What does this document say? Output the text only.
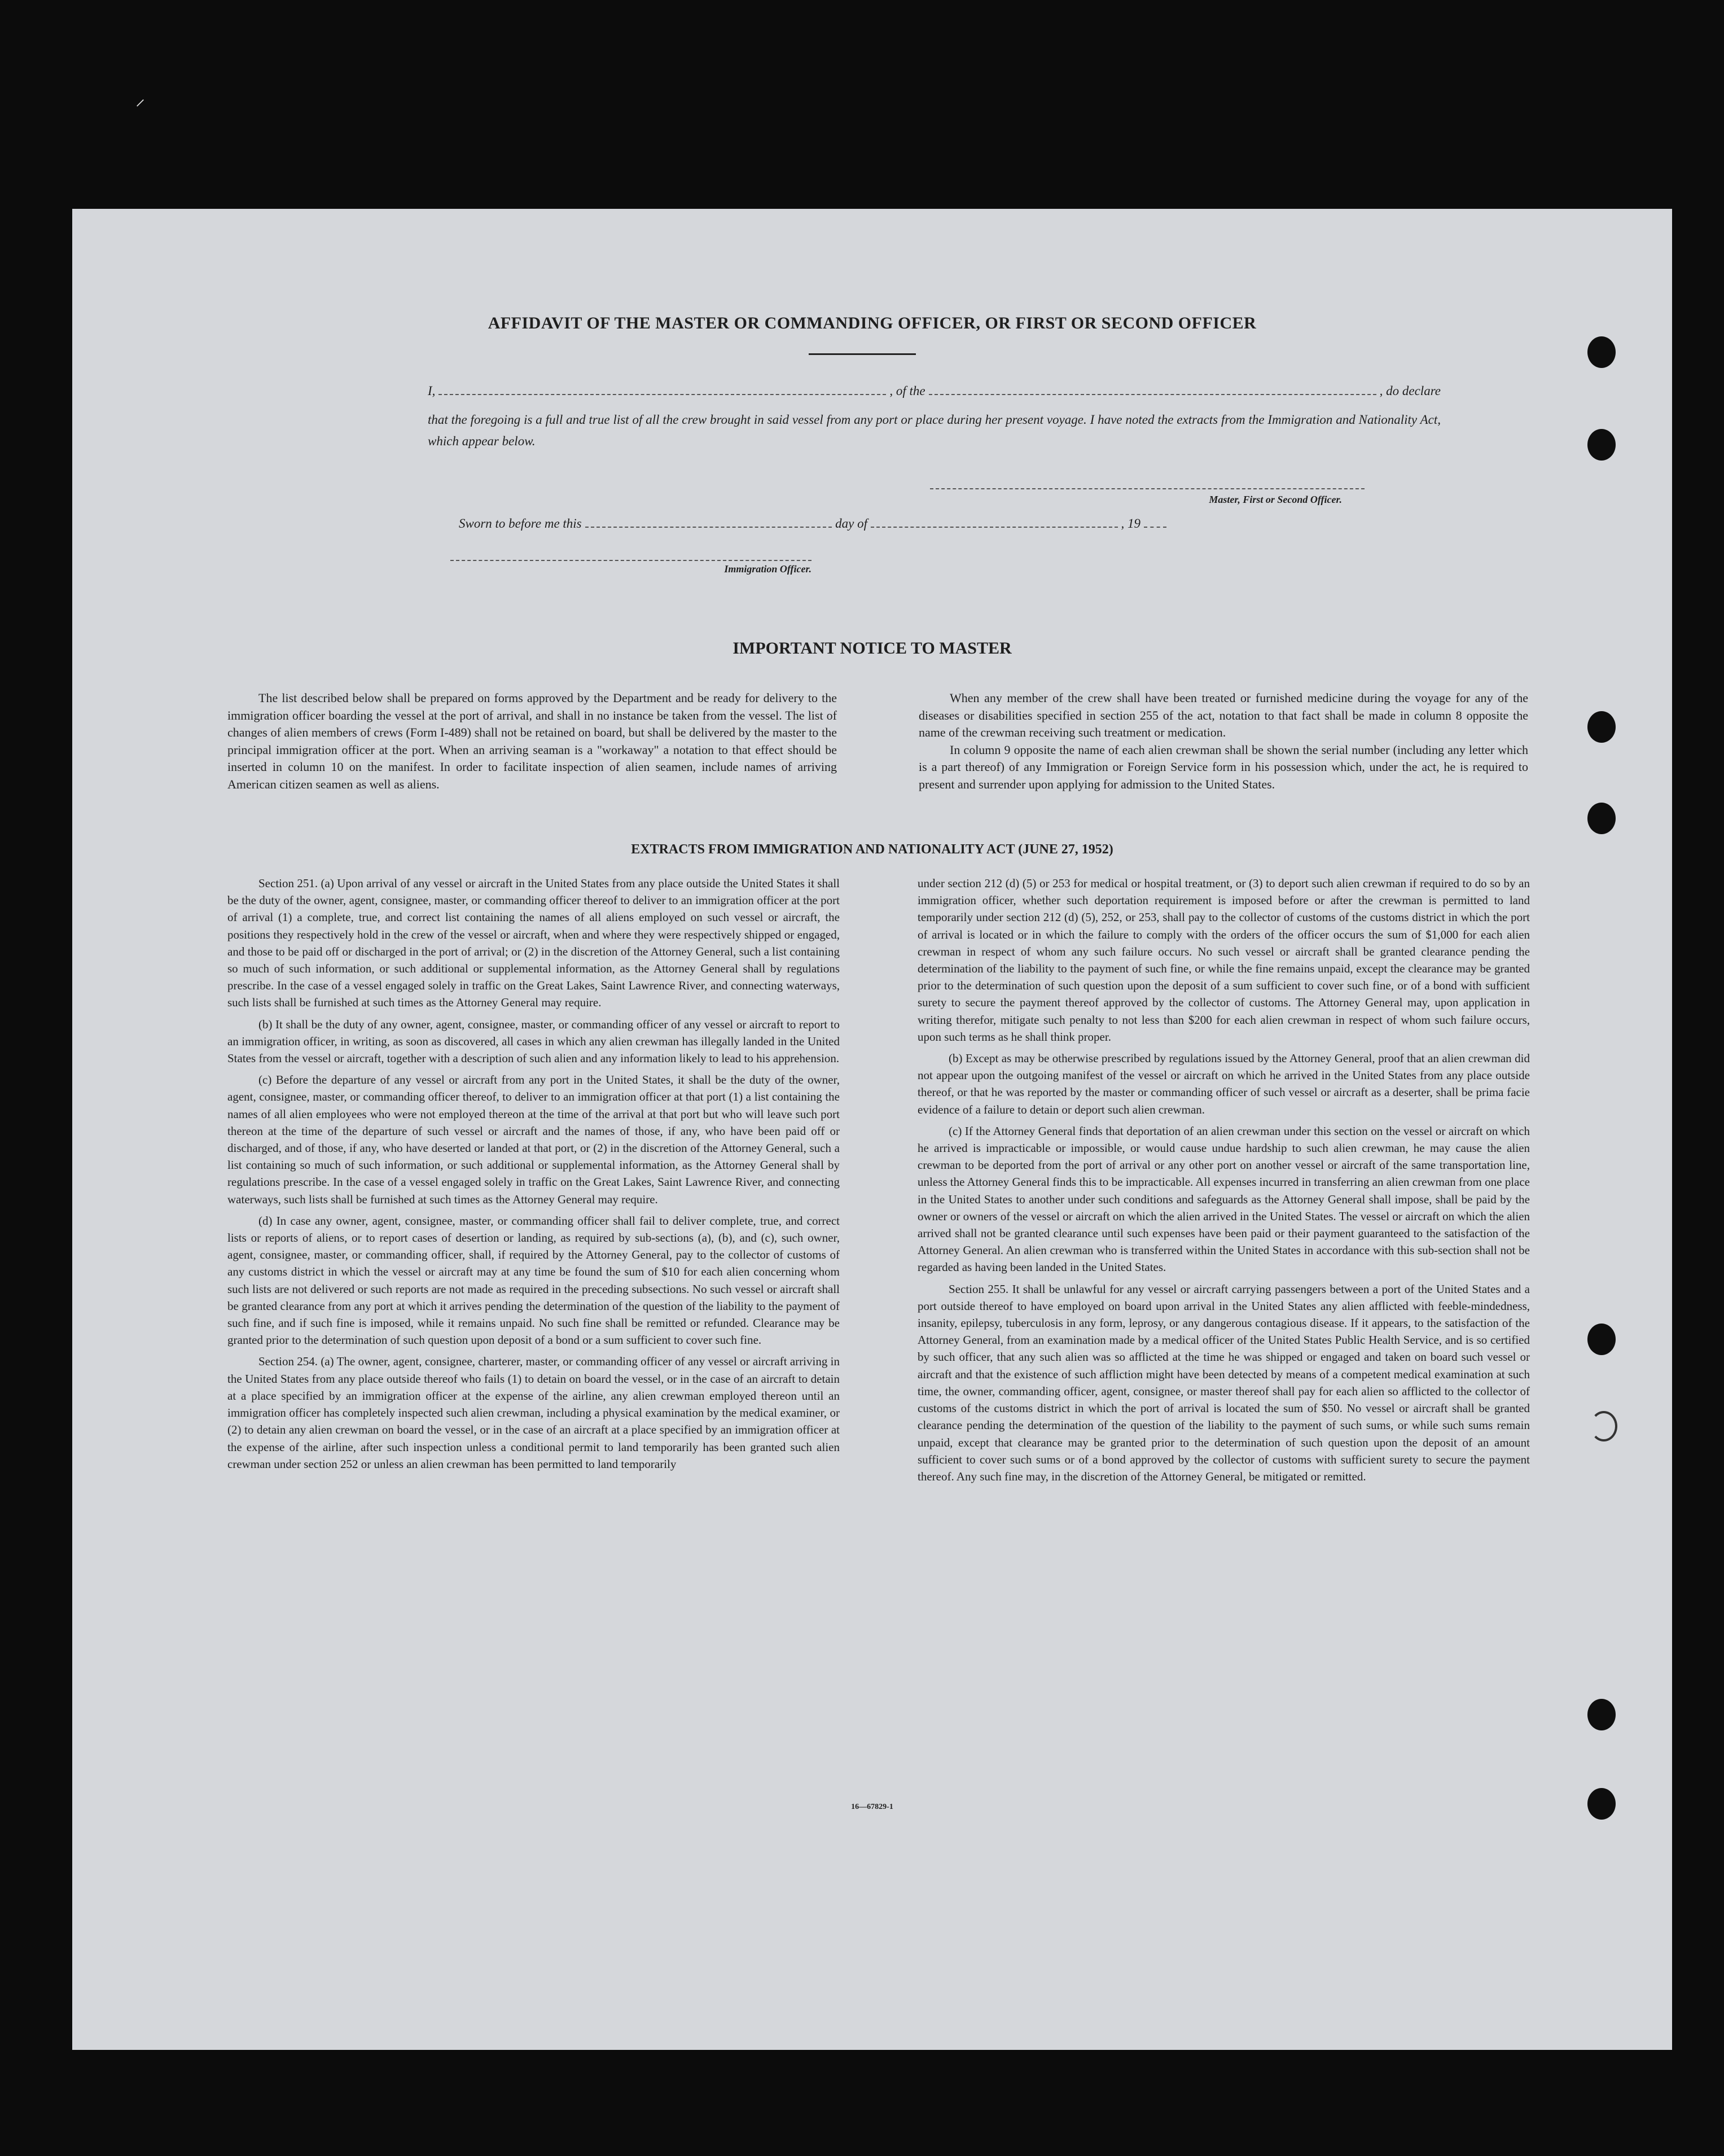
⸝
AFFIDAVIT OF THE MASTER OR COMMANDING OFFICER, OR FIRST OR SECOND OFFICER
I,	, of the	, do declare
that the foregoing is a full and true list of all the crew brought in said vessel from any port or place during her present voyage. I have noted the extracts from the Immigration and Nationality Act, which appear below.
Master, First or Second Officer.
Sworn to before me this	day of	, 19
Immigration Officer.
IMPORTANT NOTICE TO MASTER

The list described below shall be prepared on forms approved by the Department and be ready for delivery to the immigration officer boarding the vessel at the port of arrival, and shall in no instance be taken from the vessel. The list of changes of alien members of crews (Form I-489) shall not be retained on board, but shall be delivered by the master to the principal immigration officer at the port. When an arriving seaman is a "workaway" a notation to that effect should be inserted in column 10 on the manifest. In order to facilitate inspection of alien seamen, include names of arriving American citizen seamen as well as aliens.

When any member of the crew shall have been treated or furnished medicine during the voyage for any of the diseases or disabilities specified in section 255 of the act, notation to that fact shall be made in column 8 opposite the name of the crewman receiving such treatment or medication.

In column 9 opposite the name of each alien crewman shall be shown the serial number (including any letter which is a part thereof) of any Immigration or Foreign Service form in his possession which, under the act, he is required to present and surrender upon applying for admission to the United States.

EXTRACTS FROM IMMIGRATION AND NATIONALITY ACT (JUNE 27, 1952)

Section 251. (a) Upon arrival of any vessel or aircraft in the United States from any place outside the United States it shall be the duty of the owner, agent, consignee, master, or commanding officer thereof to deliver to an immigration officer at the port of arrival (1) a complete, true, and correct list containing the names of all aliens employed on such vessel or aircraft, the positions they respectively hold in the crew of the vessel or aircraft, when and where they were respectively shipped or engaged, and those to be paid off or discharged in the port of arrival; or (2) in the discretion of the Attorney General, such a list containing so much of such information, or such additional or supplemental information, as the Attorney General shall by regulations prescribe. In the case of a vessel engaged solely in traffic on the Great Lakes, Saint Lawrence River, and connecting waterways, such lists shall be furnished at such times as the Attorney General may require.

(b) It shall be the duty of any owner, agent, consignee, master, or commanding officer of any vessel or aircraft to report to an immigration officer, in writing, as soon as discovered, all cases in which any alien crewman has illegally landed in the United States from the vessel or aircraft, together with a description of such alien and any information likely to lead to his apprehension.

(c) Before the departure of any vessel or aircraft from any port in the United States, it shall be the duty of the owner, agent, consignee, master, or commanding officer thereof, to deliver to an immigration officer at that port (1) a list containing the names of all alien employees who were not employed thereon at the time of the arrival at that port but who will leave such port thereon at the time of the departure of such vessel or aircraft and the names of those, if any, who have been paid off or discharged, and of those, if any, who have deserted or landed at that port, or (2) in the discretion of the Attorney General, such a list containing so much of such information, or such additional or supplemental information, as the Attorney General shall by regulations prescribe. In the case of a vessel engaged solely in traffic on the Great Lakes, Saint Lawrence River, and connecting waterways, such lists shall be furnished at such times as the Attorney General may require.

(d) In case any owner, agent, consignee, master, or commanding officer shall fail to deliver complete, true, and correct lists or reports of aliens, or to report cases of desertion or landing, as required by sub-sections (a), (b), and (c), such owner, agent, consignee, master, or commanding officer, shall, if required by the Attorney General, pay to the collector of customs of any customs district in which the vessel or aircraft may at any time be found the sum of $10 for each alien concerning whom such lists are not delivered or such reports are not made as required in the preceding subsections. No such vessel or aircraft shall be granted clearance from any port at which it arrives pending the determination of the question of the liability to the payment of such fine, and if such fine is imposed, while it remains unpaid. No such fine shall be remitted or refunded. Clearance may be granted prior to the determination of such question upon deposit of a bond or a sum sufficient to cover such fine.

Section 254. (a) The owner, agent, consignee, charterer, master, or commanding officer of any vessel or aircraft arriving in the United States from any place outside thereof who fails (1) to detain on board the vessel, or in the case of an aircraft to detain at a place specified by an immigration officer at the expense of the airline, any alien crewman employed thereon until an immigration officer has completely inspected such alien crewman, including a physical examination by the medical examiner, or (2) to detain any alien crewman on board the vessel, or in the case of an aircraft at a place specified by an immigration officer at the expense of the airline, after such inspection unless a conditional permit to land temporarily has been granted such alien crewman under section 252 or unless an alien crewman has been permitted to land temporarily

under section 212 (d) (5) or 253 for medical or hospital treatment, or (3) to deport such alien crewman if required to do so by an immigration officer, whether such deportation requirement is imposed before or after the crewman is permitted to land temporarily under section 212 (d) (5), 252, or 253, shall pay to the collector of customs of the customs district in which the port of arrival is located or in which the failure to comply with the orders of the officer occurs the sum of $1,000 for each alien crewman in respect of whom any such failure occurs. No such vessel or aircraft shall be granted clearance pending the determination of the liability to the payment of such fine, or while the fine remains unpaid, except the clearance may be granted prior to the determination of such question upon the deposit of a sum sufficient to cover such fine, or of a bond with sufficient surety to secure the payment thereof approved by the collector of customs. The Attorney General may, upon application in writing therefor, mitigate such penalty to not less than $200 for each alien crewman in respect of whom such failure occurs, upon such terms as he shall think proper.

(b) Except as may be otherwise prescribed by regulations issued by the Attorney General, proof that an alien crewman did not appear upon the outgoing manifest of the vessel or aircraft on which he arrived in the United States from any place outside thereof, or that he was reported by the master or commanding officer of such vessel or aircraft as a deserter, shall be prima facie evidence of a failure to detain or deport such alien crewman.

(c) If the Attorney General finds that deportation of an alien crewman under this section on the vessel or aircraft on which he arrived is impracticable or impossible, or would cause undue hardship to such alien crewman, he may cause the alien crewman to be deported from the port of arrival or any other port on another vessel or aircraft of the same transportation line, unless the Attorney General finds this to be impracticable. All expenses incurred in transferring an alien crewman from one place in the United States to another under such conditions and safeguards as the Attorney General shall impose, shall be paid by the owner or owners of the vessel or aircraft on which the alien arrived in the United States. The vessel or aircraft on which the alien arrived shall not be granted clearance until such expenses have been paid or their payment guaranteed to the satisfaction of the Attorney General. An alien crewman who is transferred within the United States in accordance with this sub-section shall not be regarded as having been landed in the United States.

Section 255. It shall be unlawful for any vessel or aircraft carrying passengers between a port of the United States and a port outside thereof to have employed on board upon arrival in the United States any alien afflicted with feeble-mindedness, insanity, epilepsy, tuberculosis in any form, leprosy, or any dangerous contagious disease. If it appears, to the satisfaction of the Attorney General, from an examination made by a medical officer of the United States Public Health Service, and is so certified by such officer, that any such alien was so afflicted at the time he was shipped or engaged and taken on board such vessel or aircraft and that the existence of such affliction might have been detected by means of a competent medical examination at such time, the owner, commanding officer, agent, consignee, or master thereof shall pay for each alien so afflicted to the collector of customs of the customs district in which the port of arrival is located the sum of $50. No vessel or aircraft shall be granted clearance pending the determination of the question of the liability to the payment of such sums, or while such sums remain unpaid, except that clearance may be granted prior to the determination of such question upon the deposit of an amount sufficient to cover such sums or of a bond approved by the collector of customs with sufficient surety to secure the payment thereof. Any such fine may, in the discretion of the Attorney General, be mitigated or remitted.

16—67829-1
